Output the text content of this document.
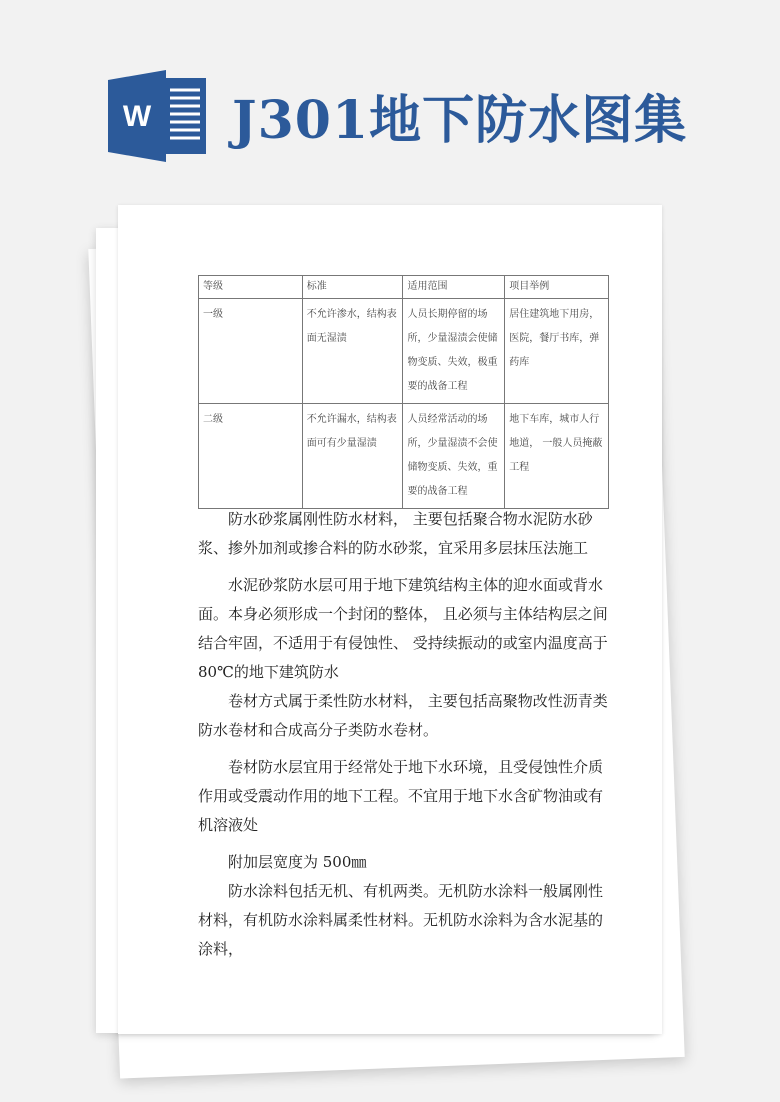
W J301地下防水图集
等级	标准	适用范围	项目举例
一级	不允许渗水，结构表面无湿渍	人员长期停留的场所，少量湿渍会使储物变质、失效，极重要的战备工程	居住建筑地下用房，医院，餐厅书库，弹药库
二级	不允许漏水，结构表面可有少量湿渍	人员经常活动的场所，少量湿渍不会使储物变质、失效，重要的战备工程	地下车库，城市人行地道， 一般人员掩蔽工程

防水砂浆属刚性防水材料， 主要包括聚合物水泥防水砂浆、掺外加剂或掺合料的防水砂浆，宜采用多层抹压法施工

水泥砂浆防水层可用于地下建筑结构主体的迎水面或背水面。本身必须形成一个封闭的整体， 且必须与主体结构层之间结合牢固，不适用于有侵蚀性、 受持续振动的或室内温度高于 80℃的地下建筑防水

卷材方式属于柔性防水材料， 主要包括高聚物改性沥青类防水卷材和合成高分子类防水卷材。

卷材防水层宜用于经常处于地下水环境，且受侵蚀性介质作用或受震动作用的地下工程。不宜用于地下水含矿物油或有机溶液处

附加层宽度为 500㎜

防水涂料包括无机、有机两类。无机防水涂料一般属刚性材料，有机防水涂料属柔性材料。无机防水涂料为含水泥基的涂料，
